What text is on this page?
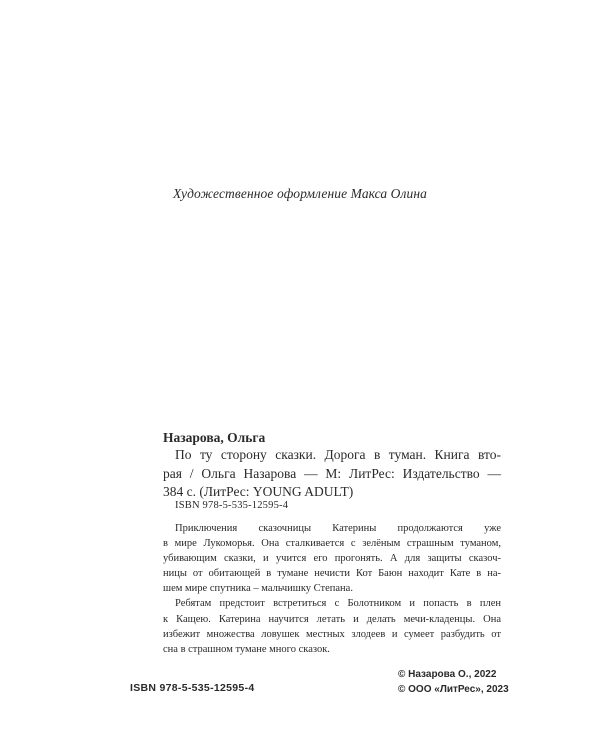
Художественное оформление Макса Олина
Назарова, Ольга
По ту сторону сказки. Дорога в туман. Книга вто-
рая / Ольга Назарова — М: ЛитРес: Издательство —
384 с. (ЛитРес: YOUNG ADULT)
ISBN 978-5-535-12595-4
Приключения сказочницы Катерины продолжаются уже
в мире Лукоморья. Она сталкивается с зелёным страшным туманом,
убивающим сказки, и учится его прогонять. А для защиты сказоч-
ницы от обитающей в тумане нечисти Кот Баюн находит Кате в на-
шем мире спутника – мальчишку Степана.
Ребятам предстоит встретиться с Болотником и попасть в плен
к Кащею. Катерина научится летать и делать мечи-кладенцы. Она
избежит множества ловушек местных злодеев и сумеет разбудить от
сна в страшном тумане много сказок.
ISBN 978-5-535-12595-4
© Назарова О., 2022
© ООО «ЛитРес», 2023
